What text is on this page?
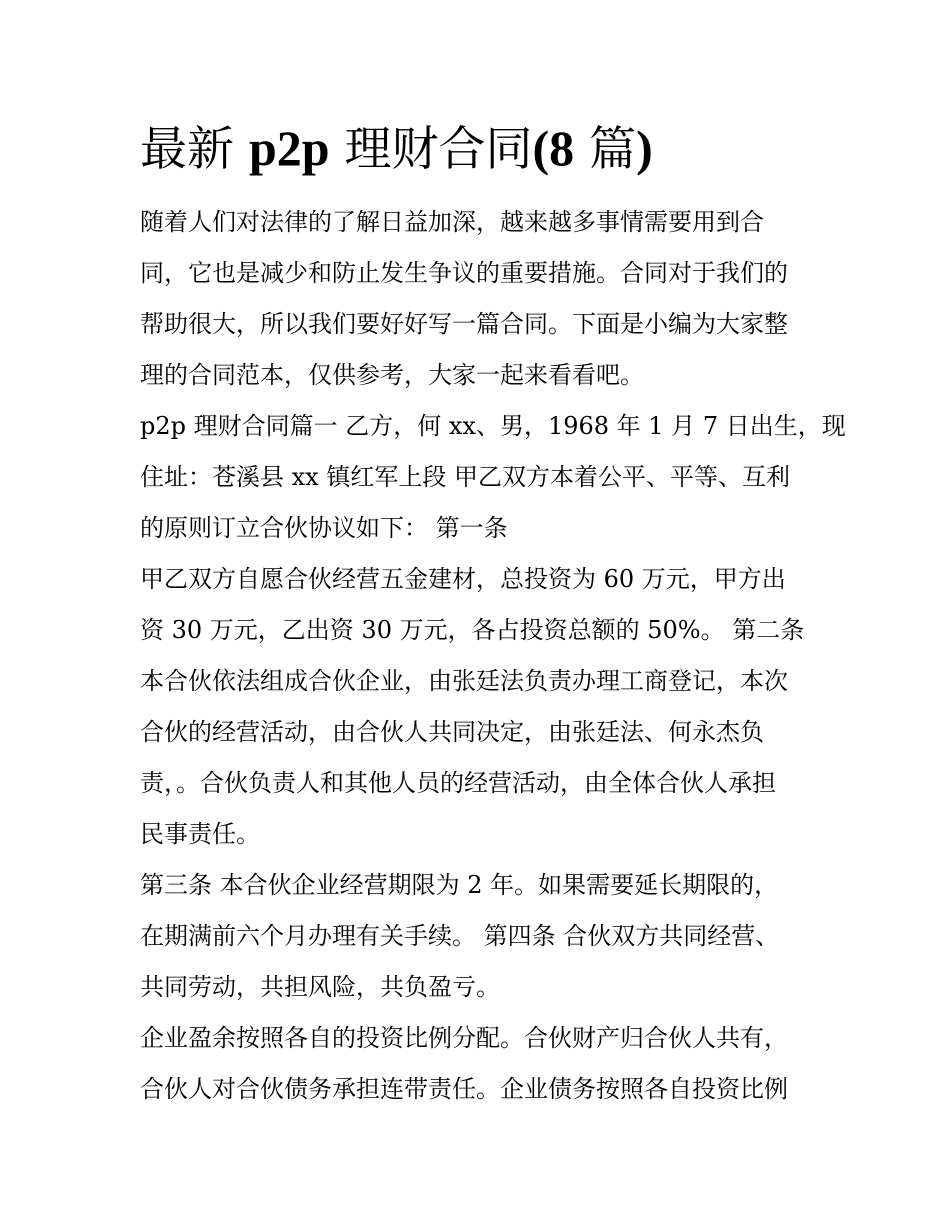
最新 p2p 理财合同(8 篇)
随着人们对法律的了解日益加深，越来越多事情需要用到合
同，它也是减少和防止发生争议的重要措施。合同对于我们的
帮助很大，所以我们要好好写一篇合同。下面是小编为大家整
理的合同范本，仅供参考，大家一起来看看吧。
p2p 理财合同篇一 乙方，何 xx、男，1968 年 1 月 7 日出生，现
住址：苍溪县 xx 镇红军上段 甲乙双方本着公平、平等、互利
的原则订立合伙协议如下： 第一条
甲乙双方自愿合伙经营五金建材，总投资为 60 万元，甲方出
资 30 万元，乙出资 30 万元，各占投资总额的 50%。 第二条
本合伙依法组成合伙企业，由张廷法负责办理工商登记，本次
合伙的经营活动，由合伙人共同决定，由张廷法、何永杰负
责，。合伙负责人和其他人员的经营活动，由全体合伙人承担
民事责任。
第三条 本合伙企业经营期限为 2 年。如果需要延长期限的，
在期满前六个月办理有关手续。 第四条 合伙双方共同经营、
共同劳动，共担风险，共负盈亏。
企业盈余按照各自的投资比例分配。合伙财产归合伙人共有，
合伙人对合伙债务承担连带责任。企业债务按照各自投资比例
